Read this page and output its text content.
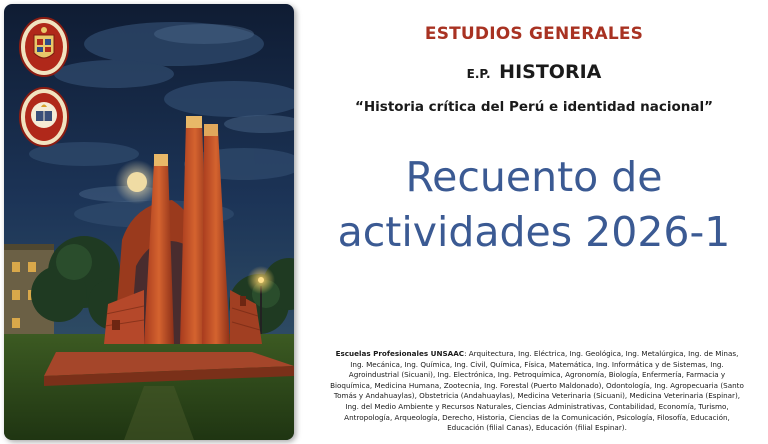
ESTUDIOS GENERALES
E.P. HISTORIA
“Historia crítica del Perú e identidad nacional”
Recuento de
actividades 2026-1
Escuelas Profesionales UNSAAC: Arquitectura, Ing. Eléctrica, Ing. Geológica, Ing. Metalúrgica, Ing. de Minas, Ing. Mecánica, Ing. Química, Ing. Civil, Química, Física, Matemática, Ing. Informática y de Sistemas, Ing. Agroindustrial (Sicuani), Ing. Electrónica, Ing. Petroquímica, Agronomía, Biología, Enfermería, Farmacia y Bioquímica, Medicina Humana, Zootecnia, Ing. Forestal (Puerto Maldonado), Odontología, Ing. Agropecuaria (Santo Tomás y Andahuaylas), Obstetricia (Andahuaylas), Medicina Veterinaria (Sicuani), Medicina Veterinaria (Espinar), Ing. del Medio Ambiente y Recursos Naturales, Ciencias Administrativas, Contabilidad, Economía, Turismo, Antropología, Arqueología, Derecho, Historia, Ciencias de la Comunicación, Psicología, Filosofía, Educación, Educación (filial Canas), Educación (filial Espinar).
